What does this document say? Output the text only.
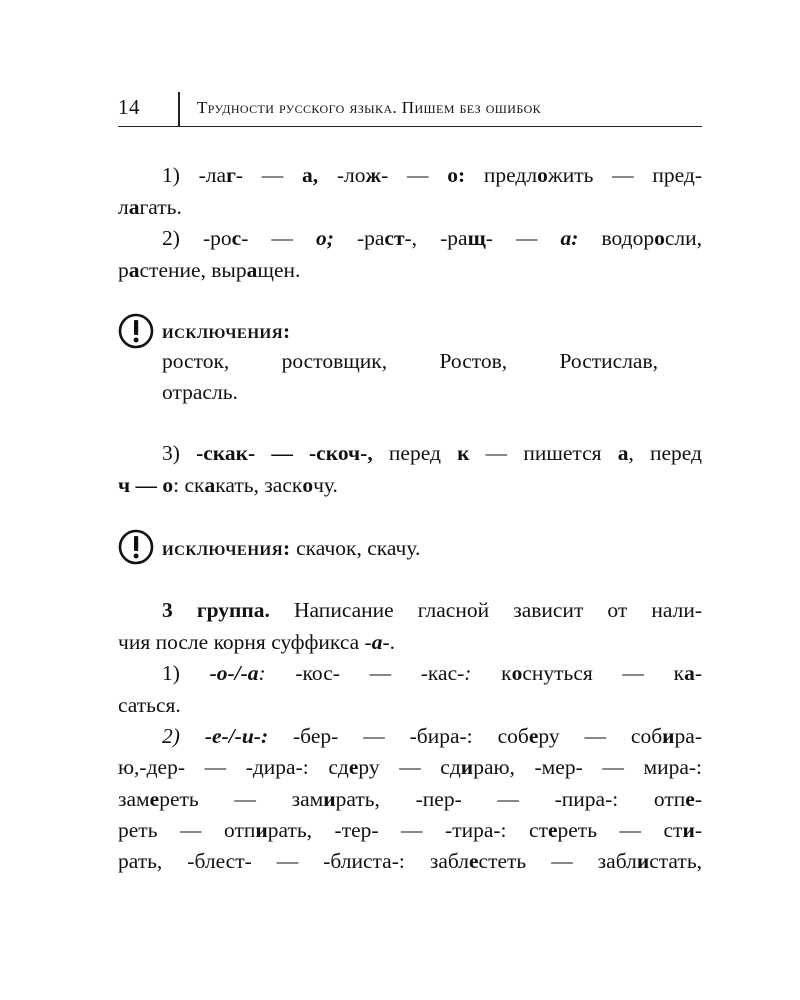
14	Трудности русского языка. Пишем без ошибок
1) -лаг- — а, -лож- — о: предложить — пред-
лагать.
2) -рос- — о; -раст-, -ращ- — а: водоросли,
растение, выращен.
исключения:
росток, ростовщик, Ростов, Ростислав,
отрасль.
3) -скак- — -скоч-, перед к — пишется а, перед
ч — о: скакать, заскочу.
исключения: скачок, скачу.
3 группа. Написание гласной зависит от нали-
чия после корня суффикса -а-.
1) -о-/-а: -кос- — -кас-: коснуться — ка-
саться.
2) -е-/-и-: -бер- — -бира-: соберу — собира-
ю,-дер- — -дира-: сдеру — сдираю, -мер- — мира-:
замереть — замирать, -пер- — -пира-: отпе-
реть — отпирать, -тер- — -тира-: стереть — сти-
рать, -блест- — -блиста-: заблестеть — заблистать,
